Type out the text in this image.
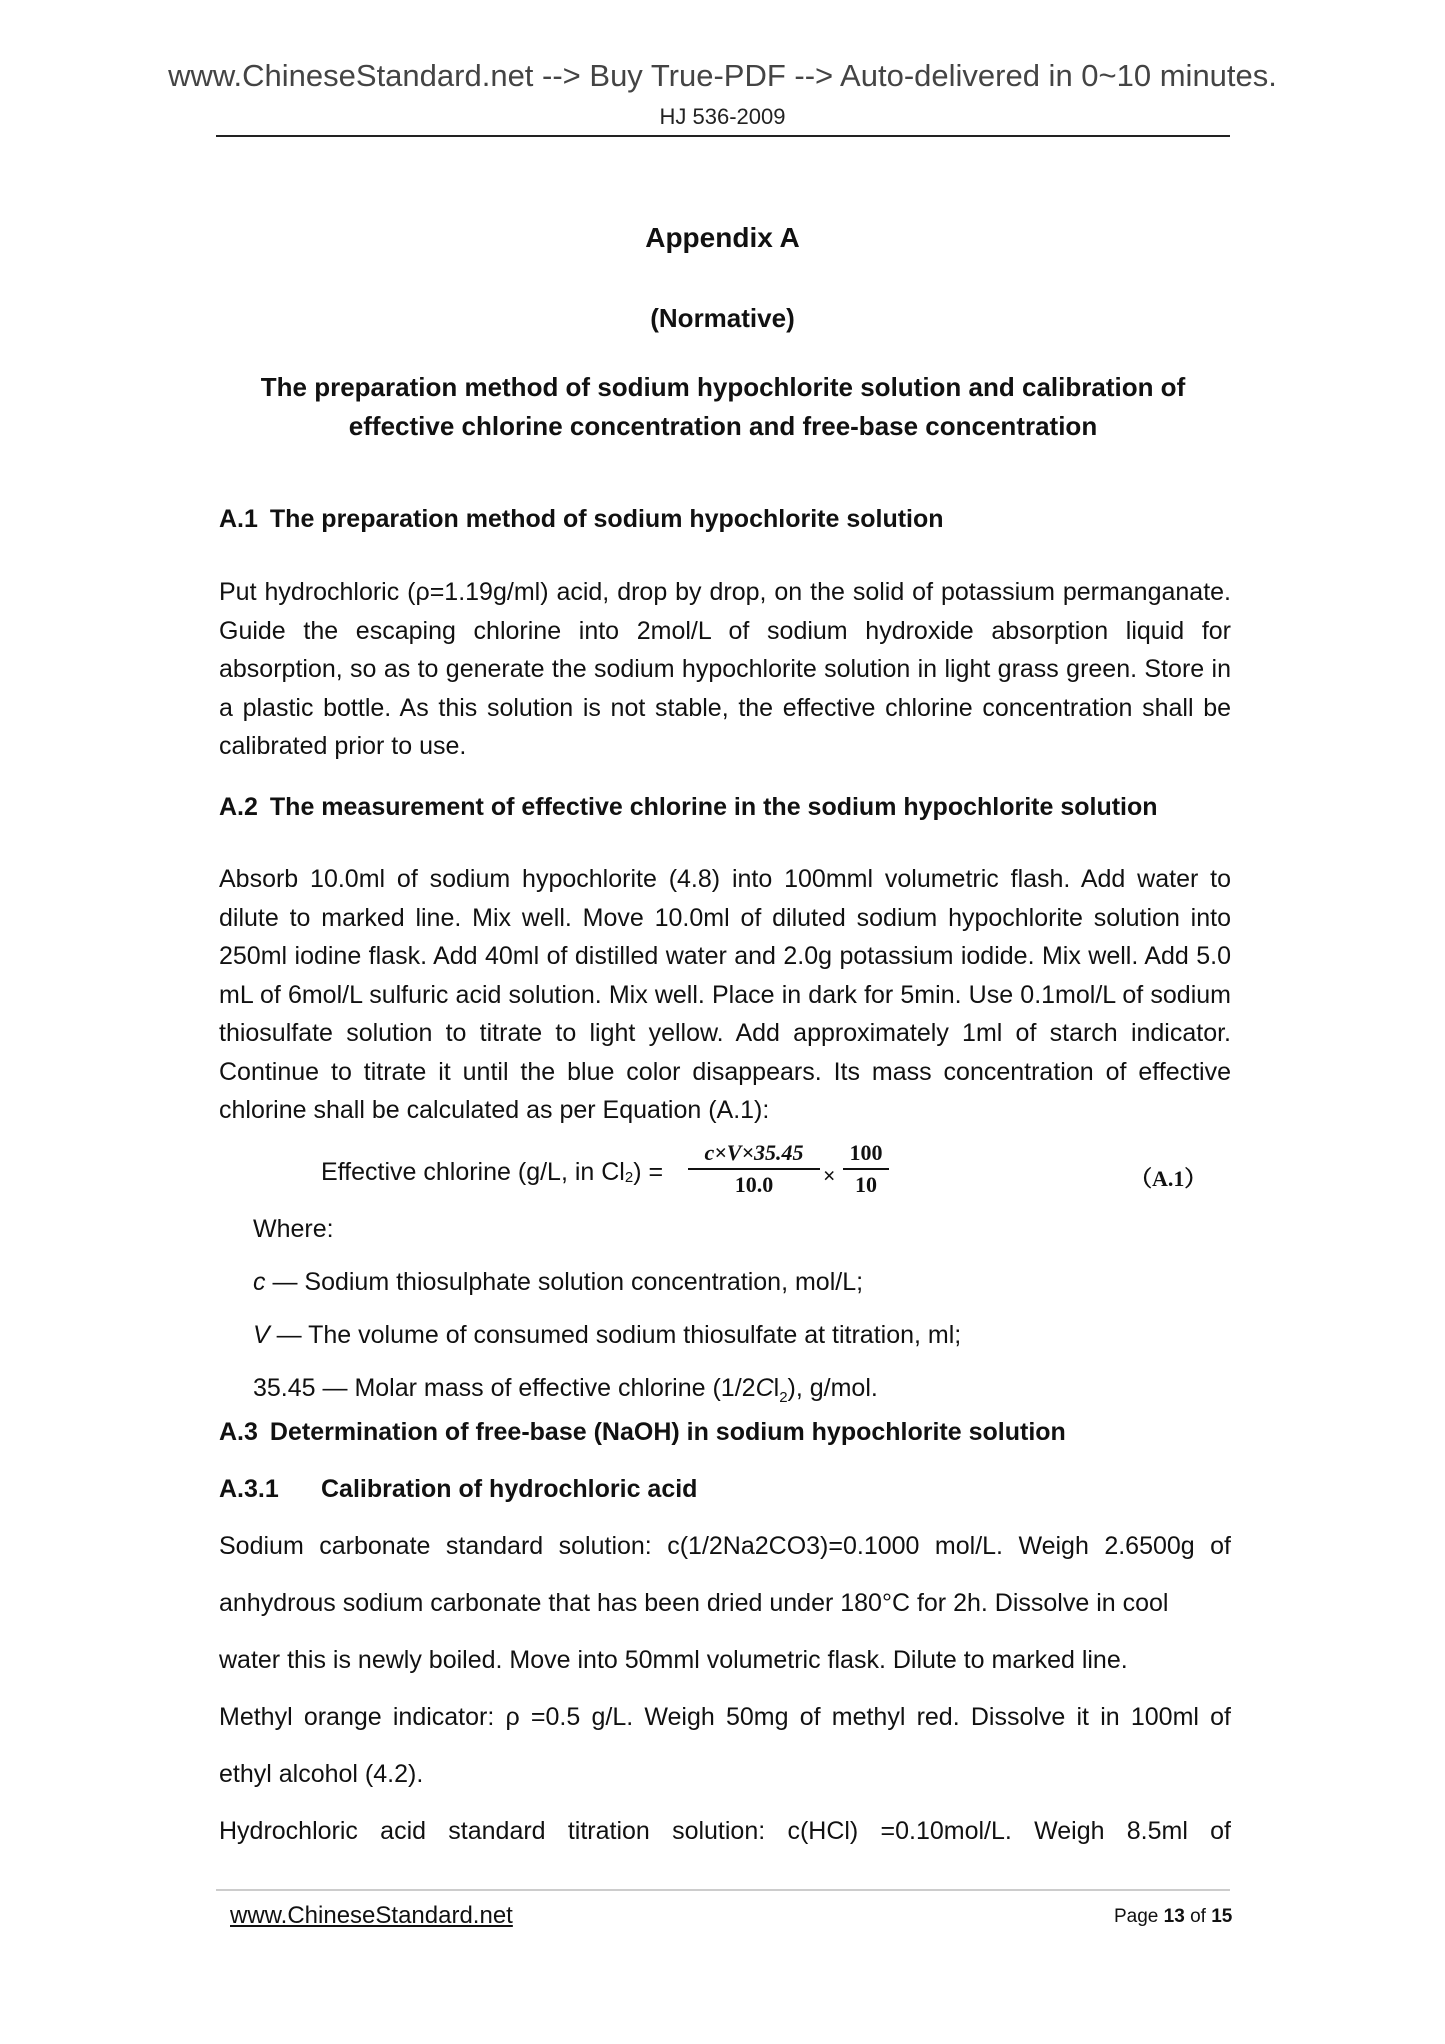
www.ChineseStandard.net --> Buy True-PDF --> Auto-delivered in 0~10 minutes.
HJ 536-2009
Appendix A
(Normative)
The preparation method of sodium hypochlorite solution and calibration of effective chlorine concentration and free-base concentration
A.1 The preparation method of sodium hypochlorite solution
Put hydrochloric (ρ=1.19g/ml) acid, drop by drop, on the solid of potassium permanganate. Guide the escaping chlorine into 2mol/L of sodium hydroxide absorption liquid for absorption, so as to generate the sodium hypochlorite solution in light grass green. Store in a plastic bottle. As this solution is not stable, the effective chlorine concentration shall be calibrated prior to use.
A.2 The measurement of effective chlorine in the sodium hypochlorite solution
Absorb 10.0ml of sodium hypochlorite (4.8) into 100mml volumetric flash. Add water to dilute to marked line. Mix well. Move 10.0ml of diluted sodium hypochlorite solution into 250ml iodine flask. Add 40ml of distilled water and 2.0g potassium iodide. Mix well. Add 5.0 mL of 6mol/L sulfuric acid solution. Mix well. Place in dark for 5min. Use 0.1mol/L of sodium thiosulfate solution to titrate to light yellow. Add approximately 1ml of starch indicator. Continue to titrate it until the blue color disappears. Its mass concentration of effective chlorine shall be calculated as per Equation (A.1):
Effective chlorine (g/L, in $Cl_2) = \frac{c\times V\times 35.45}{10.0} \times \frac{100}{10}$	（A.1）
Where:
c — Sodium thiosulphate solution concentration, mol/L;
V — The volume of consumed sodium thiosulfate at titration, ml;
35.45 — Molar mass of effective chlorine $(1/2Cl_2)$, g/mol.
A.3 Determination of free-base (NaOH) in sodium hypochlorite solution
A.3.1 Calibration of hydrochloric acid
Sodium carbonate standard solution: c(1/2Na2CO3)=0.1000 mol/L. Weigh 2.6500g of
anhydrous sodium carbonate that has been dried under 180°C for 2h. Dissolve in cool
water this is newly boiled. Move into 50mml volumetric flask. Dilute to marked line.
Methyl orange indicator: ρ =0.5 g/L. Weigh 50mg of methyl red. Dissolve it in 100ml of
ethyl alcohol (4.2).
Hydrochloric acid standard titration solution: c(HCl) =0.10mol/L. Weigh 8.5ml of
www.ChineseStandard.net	Page 13 of 15
